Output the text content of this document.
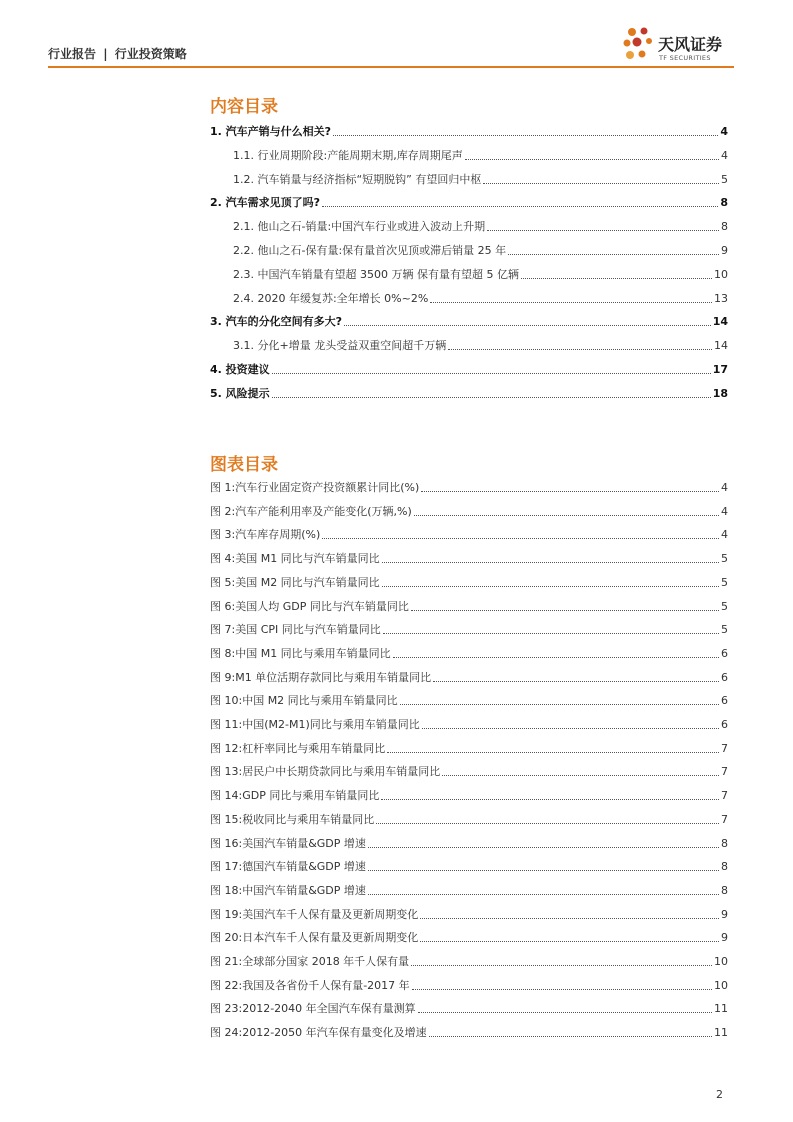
行业报告 | 行业投资策略	天风证券
TF SECURITIES
内容目录
1. 汽车产销与什么相关?	4
1.1. 行业周期阶段:产能周期末期,库存周期尾声	4
1.2. 汽车销量与经济指标“短期脱钩” 有望回归中枢	5
2. 汽车需求见顶了吗?	8
2.1. 他山之石-销量:中国汽车行业或进入波动上升期	8
2.2. 他山之石-保有量:保有量首次见顶或滞后销量 25 年	9
2.3. 中国汽车销量有望超 3500 万辆 保有量有望超 5 亿辆	10
2.4. 2020 年缓复苏:全年增长 0%~2%	13
3. 汽车的分化空间有多大?	14
3.1. 分化+增量 龙头受益双重空间超千万辆	14
4. 投资建议	17
5. 风险提示	18
图表目录
图 1:汽车行业固定资产投资额累计同比(%)	4
图 2:汽车产能利用率及产能变化(万辆,%)	4
图 3:汽车库存周期(%)	4
图 4:美国 M1 同比与汽车销量同比	5
图 5:美国 M2 同比与汽车销量同比	5
图 6:美国人均 GDP 同比与汽车销量同比	5
图 7:美国 CPI 同比与汽车销量同比	5
图 8:中国 M1 同比与乘用车销量同比	6
图 9:M1 单位活期存款同比与乘用车销量同比	6
图 10:中国 M2 同比与乘用车销量同比	6
图 11:中国(M2-M1)同比与乘用车销量同比	6
图 12:杠杆率同比与乘用车销量同比	7
图 13:居民户中长期贷款同比与乘用车销量同比	7
图 14:GDP 同比与乘用车销量同比	7
图 15:税收同比与乘用车销量同比	7
图 16:美国汽车销量&GDP 增速	8
图 17:德国汽车销量&GDP 增速	8
图 18:中国汽车销量&GDP 增速	8
图 19:美国汽车千人保有量及更新周期变化	9
图 20:日本汽车千人保有量及更新周期变化	9
图 21:全球部分国家 2018 年千人保有量	10
图 22:我国及各省份千人保有量-2017 年	10
图 23:2012-2040 年全国汽车保有量测算	11
图 24:2012-2050 年汽车保有量变化及增速	11
2
